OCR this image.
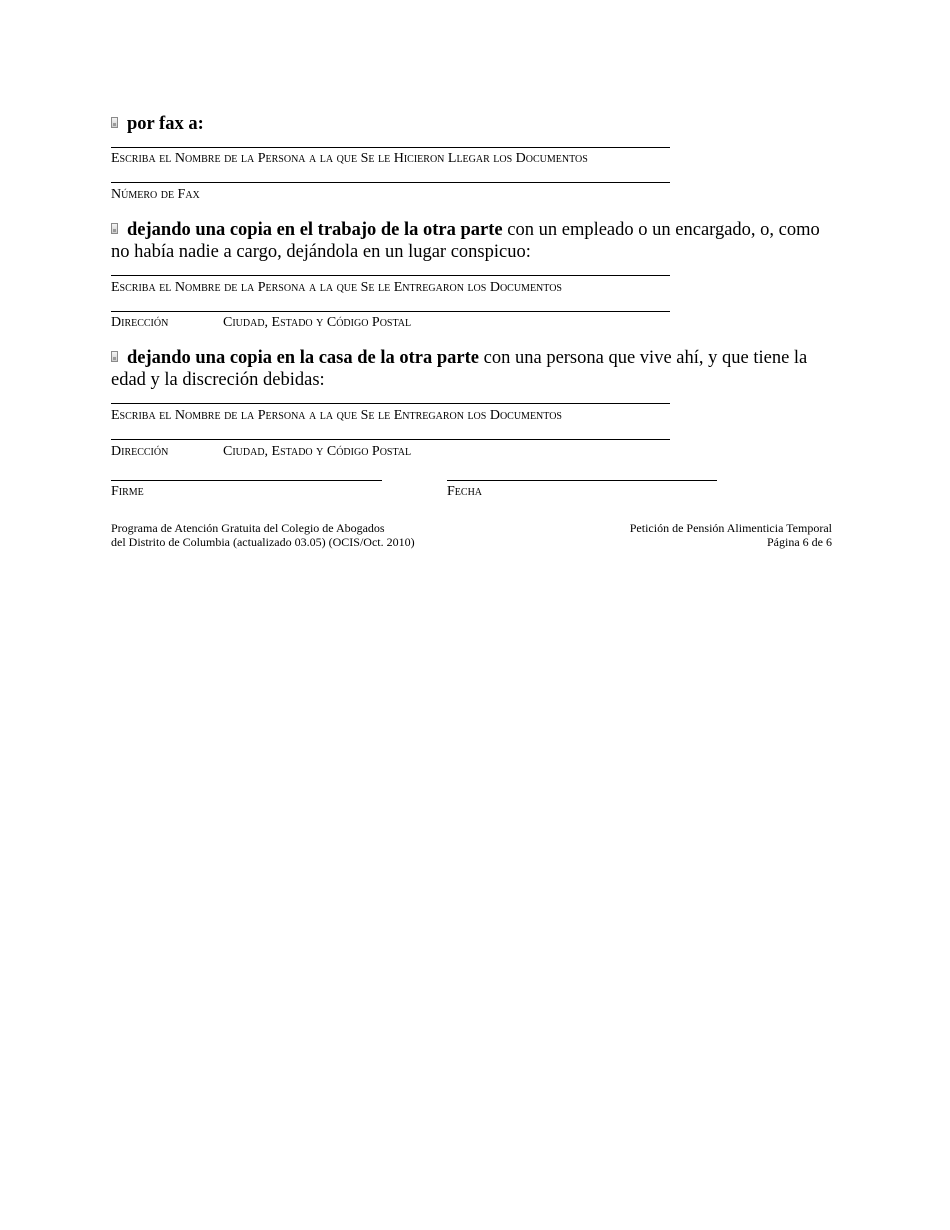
por fax a:
Escriba el Nombre de la Persona a la que Se le Hicieron Llegar los Documentos
Número de Fax
dejando una copia en el trabajo de la otra parte con un empleado o un encargado, o, como no había nadie a cargo, dejándola en un lugar conspicuo:
Escriba el Nombre de la Persona a la que Se le Entregaron los Documentos
Dirección	Ciudad, Estado y Código Postal
dejando una copia en la casa de la otra parte con una persona que vive ahí, y que tiene la edad y la discreción debidas:
Escriba el Nombre de la Persona a la que Se le Entregaron los Documentos
Dirección	Ciudad, Estado y Código Postal
Firme	Fecha
Programa de Atención Gratuita del Colegio de Abogados
del Distrito de Columbia (actualizado 03.05) (OCIS/Oct. 2010)
Petición de Pensión Alimenticia Temporal
Página 6 de 6
